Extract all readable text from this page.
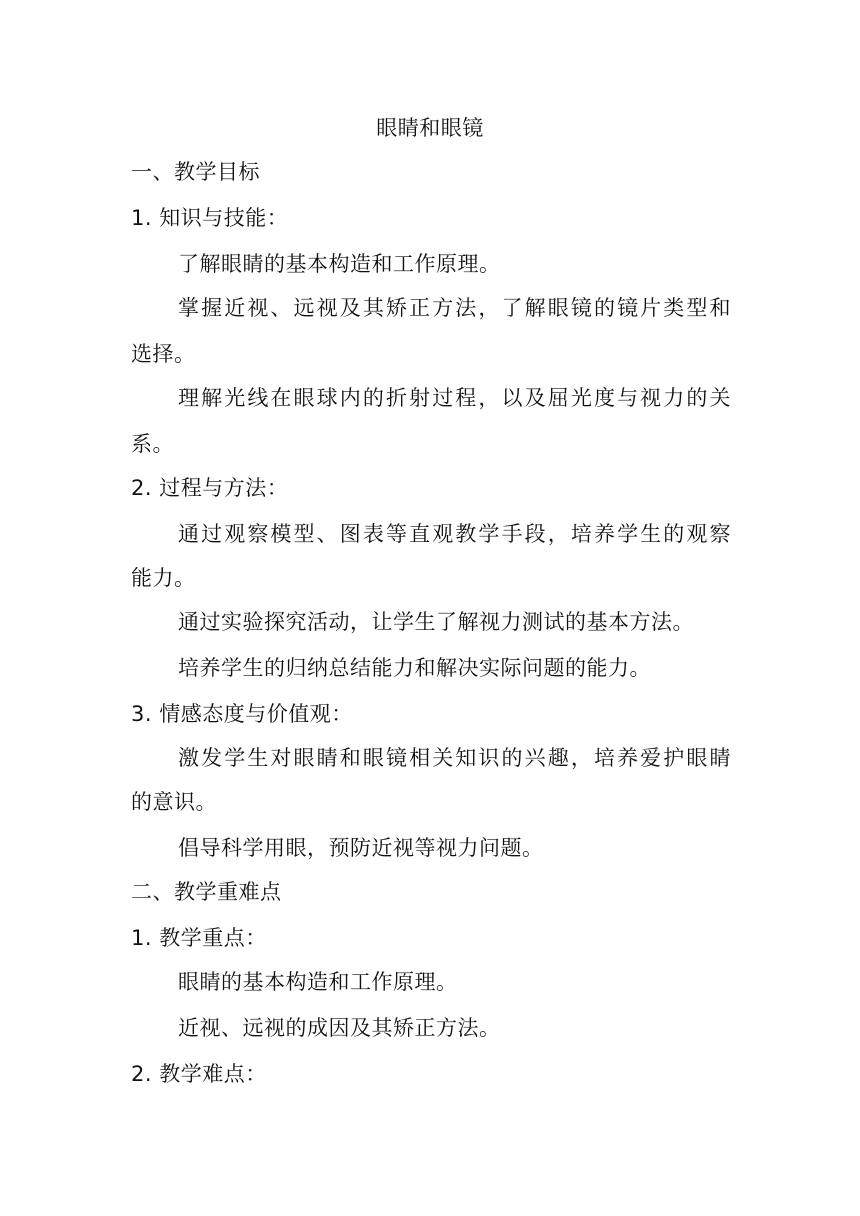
眼睛和眼镜
一、教学目标
1. 知识与技能：
了解眼睛的基本构造和工作原理。
掌握近视、远视及其矫正方法，了解眼镜的镜片类型和
选择。
理解光线在眼球内的折射过程，以及屈光度与视力的关
系。
2. 过程与方法：
通过观察模型、图表等直观教学手段，培养学生的观察
能力。
通过实验探究活动，让学生了解视力测试的基本方法。
培养学生的归纳总结能力和解决实际问题的能力。
3. 情感态度与价值观：
激发学生对眼睛和眼镜相关知识的兴趣，培养爱护眼睛
的意识。
倡导科学用眼，预防近视等视力问题。
二、教学重难点
1. 教学重点：
眼睛的基本构造和工作原理。
近视、远视的成因及其矫正方法。
2. 教学难点：
